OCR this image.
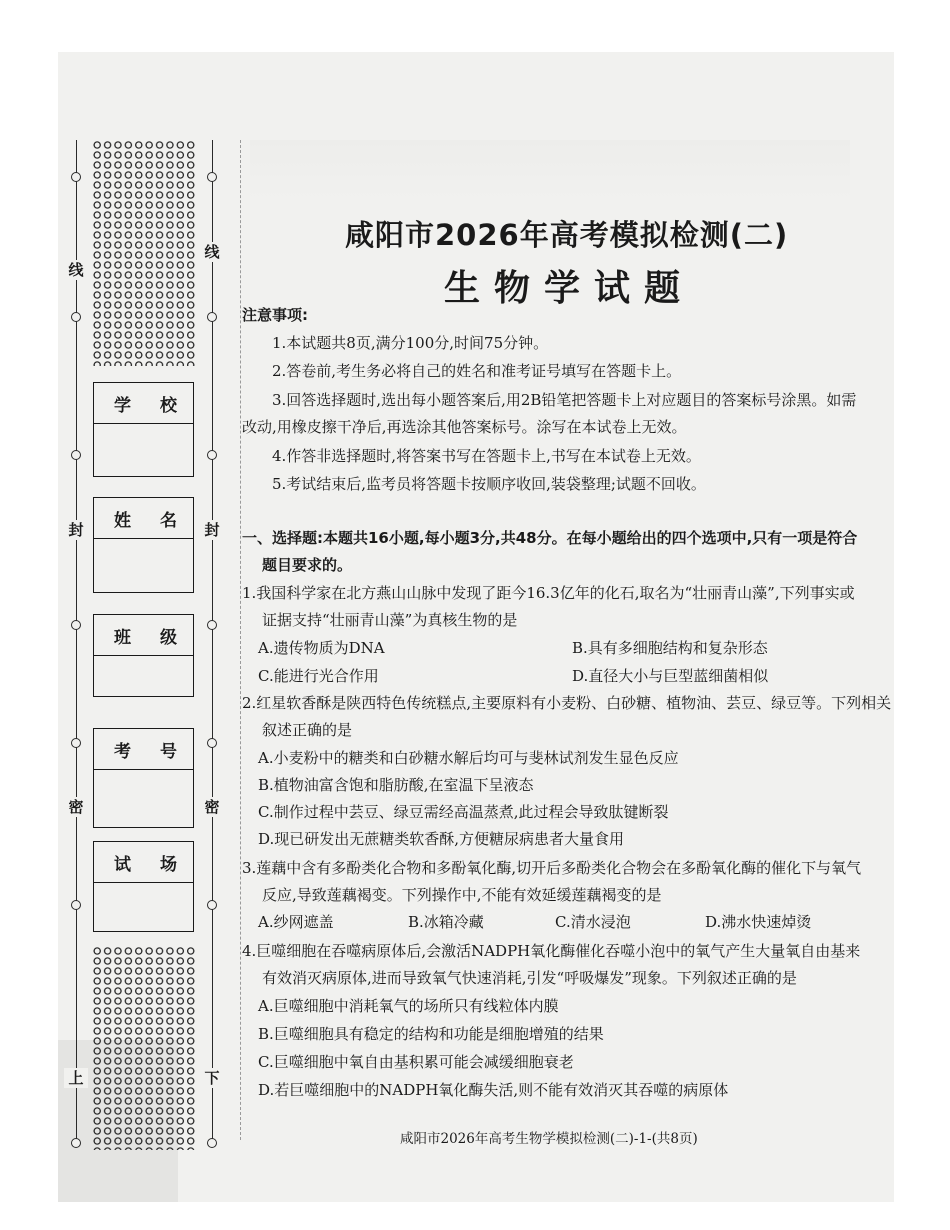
线
封
密
上
线
封
密
下
学 校
姓 名
班 级
考 号
试 场
咸阳市2026年高考模拟检测(二)
生物学试题
注意事项:
1.本试题共8页,满分100分,时间75分钟。
2.答卷前,考生务必将自己的姓名和准考证号填写在答题卡上。
3.回答选择题时,选出每小题答案后,用2B铅笔把答题卡上对应题目的答案标号涂黑。如需
改动,用橡皮擦干净后,再选涂其他答案标号。涂写在本试卷上无效。
4.作答非选择题时,将答案书写在答题卡上,书写在本试卷上无效。
5.考试结束后,监考员将答题卡按顺序收回,装袋整理;试题不回收。
一、选择题:本题共16小题,每小题3分,共48分。在每小题给出的四个选项中,只有一项是符合
题目要求的。
1.我国科学家在北方燕山山脉中发现了距今16.3亿年的化石,取名为“壮丽青山藻”,下列事实或
证据支持“壮丽青山藻”为真核生物的是
A.遗传物质为DNA	B.具有多细胞结构和复杂形态
C.能进行光合作用	D.直径大小与巨型蓝细菌相似
2.红星软香酥是陕西特色传统糕点,主要原料有小麦粉、白砂糖、植物油、芸豆、绿豆等。下列相关
叙述正确的是
A.小麦粉中的糖类和白砂糖水解后均可与斐林试剂发生显色反应
B.植物油富含饱和脂肪酸,在室温下呈液态
C.制作过程中芸豆、绿豆需经高温蒸煮,此过程会导致肽键断裂
D.现已研发出无蔗糖类软香酥,方便糖尿病患者大量食用
3.莲藕中含有多酚类化合物和多酚氧化酶,切开后多酚类化合物会在多酚氧化酶的催化下与氧气
反应,导致莲藕褐变。下列操作中,不能有效延缓莲藕褐变的是
A.纱网遮盖	B.冰箱冷藏	C.清水浸泡	D.沸水快速焯烫
4.巨噬细胞在吞噬病原体后,会激活NADPH氧化酶催化吞噬小泡中的氧气产生大量氧自由基来
有效消灭病原体,进而导致氧气快速消耗,引发“呼吸爆发”现象。下列叙述正确的是
A.巨噬细胞中消耗氧气的场所只有线粒体内膜
B.巨噬细胞具有稳定的结构和功能是细胞增殖的结果
C.巨噬细胞中氧自由基积累可能会减缓细胞衰老
D.若巨噬细胞中的NADPH氧化酶失活,则不能有效消灭其吞噬的病原体
咸阳市2026年高考生物学模拟检测(二)-1-(共8页)
